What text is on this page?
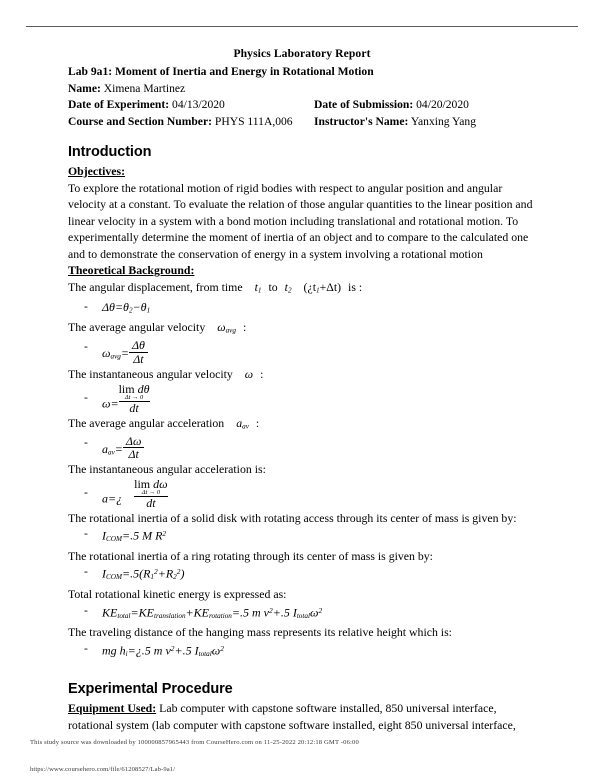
Physics Laboratory Report
Lab 9a1: Moment of Inertia and Energy in Rotational Motion
Name: Ximena Martinez
Date of Experiment: 04/13/2020	Date of Submission: 04/20/2020
Course and Section Number: PHYS 111A,006	Instructor's Name: Yanxing Yang
Introduction
Objectives:

To explore the rotational motion of rigid bodies with respect to angular position and angular velocity at a constant. To evaluate the relation of those angular quantities to the linear position and linear velocity in a system with a bond motion including translational and rotational motion. To experimentally determine the moment of inertia of an object and to compare to the calculated one and to demonstrate the conservation of energy in a system involving a rotational motion

Theoretical Background:

The angular displacement, from time $t_1$ to $t_2$ $(¿t_1+\Delta t)$ is :

-	$\Delta\theta=\theta_2-\theta_1$

The average angular velocity $\omega_{avg}$ :

-	$\omega_{avg}= \frac{\Delta\theta}{\Delta t}$

The instantaneous angular velocity ω :

-	ω=
lim dθ
Δt → 0
dt

The average angular acceleration $a_{av}$ :

-	$a_{av}= \frac{\Delta\omega}{\Delta t}$

The instantaneous angular acceleration is:

-	a=¿
lim dω
Δt → 0
dt

The rotational inertia of a solid disk with rotating access through its center of mass is given by:

-	$I_{COM}=.5$ M $R^2$

The rotational inertia of a ring rotating through its center of mass is given by:

-	$I_{COM}=.5(R_1^2+R_2^2)$

Total rotational kinetic energy is expressed as:

-	$KE_{total}=KE_{translation}+KE_{rotation}=.5$ m $v^2+.5$ $I_{total}\omega^2$

The traveling distance of the hanging mass represents its relative height which is:

-	mg $h_i=¿.5$ m $v^2+.5$ $I_{total}\omega^2$
Experimental Procedure

Equipment Used: Lab computer with capstone software installed, 850 universal interface, rotational system (lab computer with capstone software installed, eight 850 universal interface,

This study source was downloaded by 100000857965443 from CourseHero.com on 11-25-2022 20:12:18 GMT -06:00
https://www.coursehero.com/file/61208527/Lab-9a1/
